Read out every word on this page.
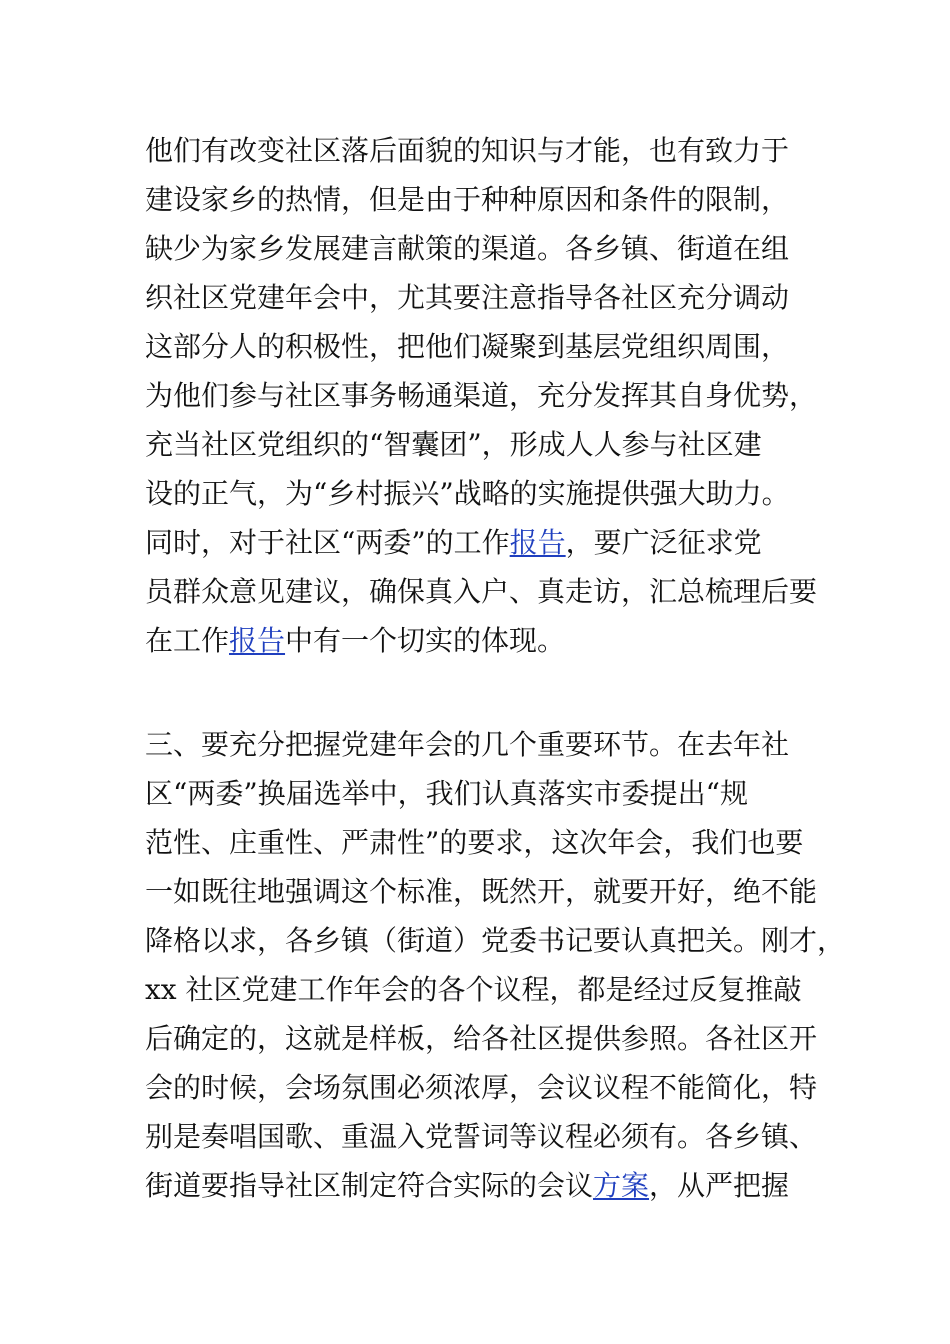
他们有改变社区落后面貌的知识与才能，也有致力于
建设家乡的热情，但是由于种种原因和条件的限制，
缺少为家乡发展建言献策的渠道。各乡镇、街道在组
织社区党建年会中，尤其要注意指导各社区充分调动
这部分人的积极性，把他们凝聚到基层党组织周围，
为他们参与社区事务畅通渠道，充分发挥其自身优势，
充当社区党组织的“智囊团”，形成人人参与社区建
设的正气，为“乡村振兴”战略的实施提供强大助力。
同时，对于社区“两委”的工作报告，要广泛征求党
员群众意见建议，确保真入户、真走访，汇总梳理后要
在工作报告中有一个切实的体现。
三、要充分把握党建年会的几个重要环节。在去年社
区“两委”换届选举中，我们认真落实市委提出“规
范性、庄重性、严肃性”的要求，这次年会，我们也要
一如既往地强调这个标准，既然开，就要开好，绝不能
降格以求，各乡镇（街道）党委书记要认真把关。刚才，
xx 社区党建工作年会的各个议程，都是经过反复推敲
后确定的，这就是样板，给各社区提供参照。各社区开
会的时候，会场氛围必须浓厚，会议议程不能简化，特
别是奏唱国歌、重温入党誓词等议程必须有。各乡镇、
街道要指导社区制定符合实际的会议方案，从严把握
